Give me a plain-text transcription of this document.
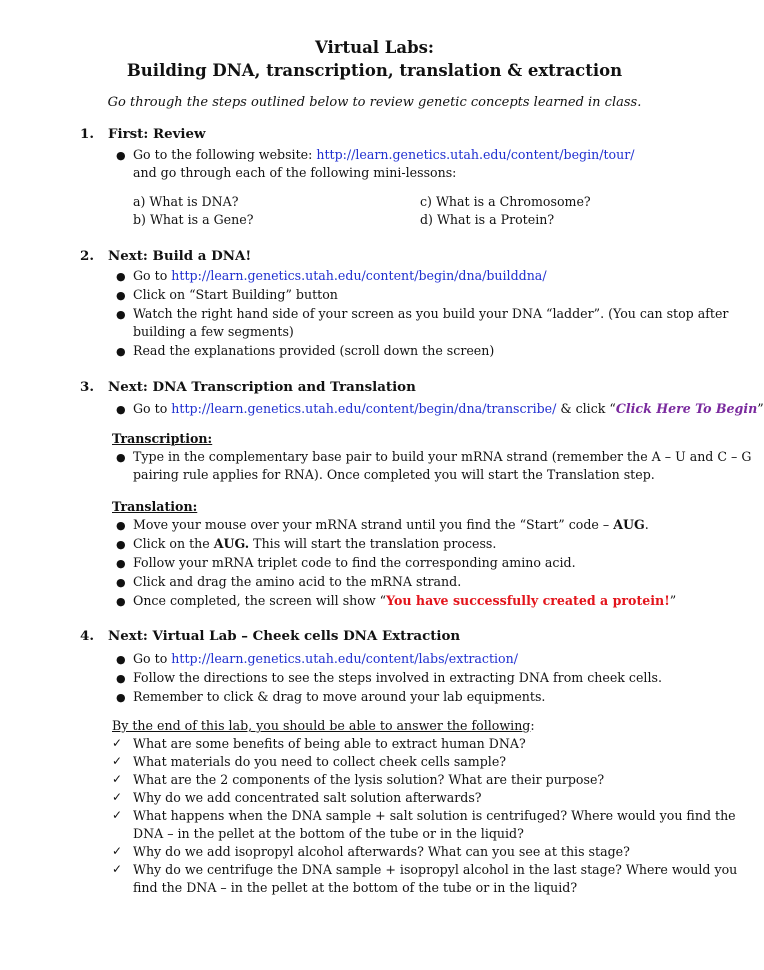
Virtual Labs:
Building DNA, transcription, translation & extraction
Go through the steps outlined below to review genetic concepts learned in class.
1. First: Review
● Go to the following website: http://learn.genetics.utah.edu/content/begin/tour/
and go through each of the following mini-lessons:
a) What is DNA?
b) What is a Gene?
c) What is a Chromosome?
d) What is a Protein?
2. Next: Build a DNA!
● Go to http://learn.genetics.utah.edu/content/begin/dna/builddna/
● Click on “Start Building” button
● Watch the right hand side of your screen as you build your DNA “ladder”. (You can stop after
building a few segments)
● Read the explanations provided (scroll down the screen)
3. Next: DNA Transcription and Translation
● Go to http://learn.genetics.utah.edu/content/begin/dna/transcribe/ & click “Click Here To Begin”
Transcription:
● Type in the complementary base pair to build your mRNA strand (remember the A – U and C – G
pairing rule applies for RNA). Once completed you will start the Translation step.
Translation:
● Move your mouse over your mRNA strand until you find the “Start” code – AUG.
● Click on the AUG. This will start the translation process.
● Follow your mRNA triplet code to find the corresponding amino acid.
● Click and drag the amino acid to the mRNA strand.
● Once completed, the screen will show “You have successfully created a protein!”
4. Next: Virtual Lab – Cheek cells DNA Extraction
● Go to http://learn.genetics.utah.edu/content/labs/extraction/
● Follow the directions to see the steps involved in extracting DNA from cheek cells.
● Remember to click & drag to move around your lab equipments.
By the end of this lab, you should be able to answer the following:
✓ What are some benefits of being able to extract human DNA?
✓ What materials do you need to collect cheek cells sample?
✓ What are the 2 components of the lysis solution? What are their purpose?
✓ Why do we add concentrated salt solution afterwards?
✓ What happens when the DNA sample + salt solution is centrifuged? Where would you find the
DNA – in the pellet at the bottom of the tube or in the liquid?
✓ Why do we add isopropyl alcohol afterwards? What can you see at this stage?
✓ Why do we centrifuge the DNA sample + isopropyl alcohol in the last stage? Where would you
find the DNA – in the pellet at the bottom of the tube or in the liquid?
